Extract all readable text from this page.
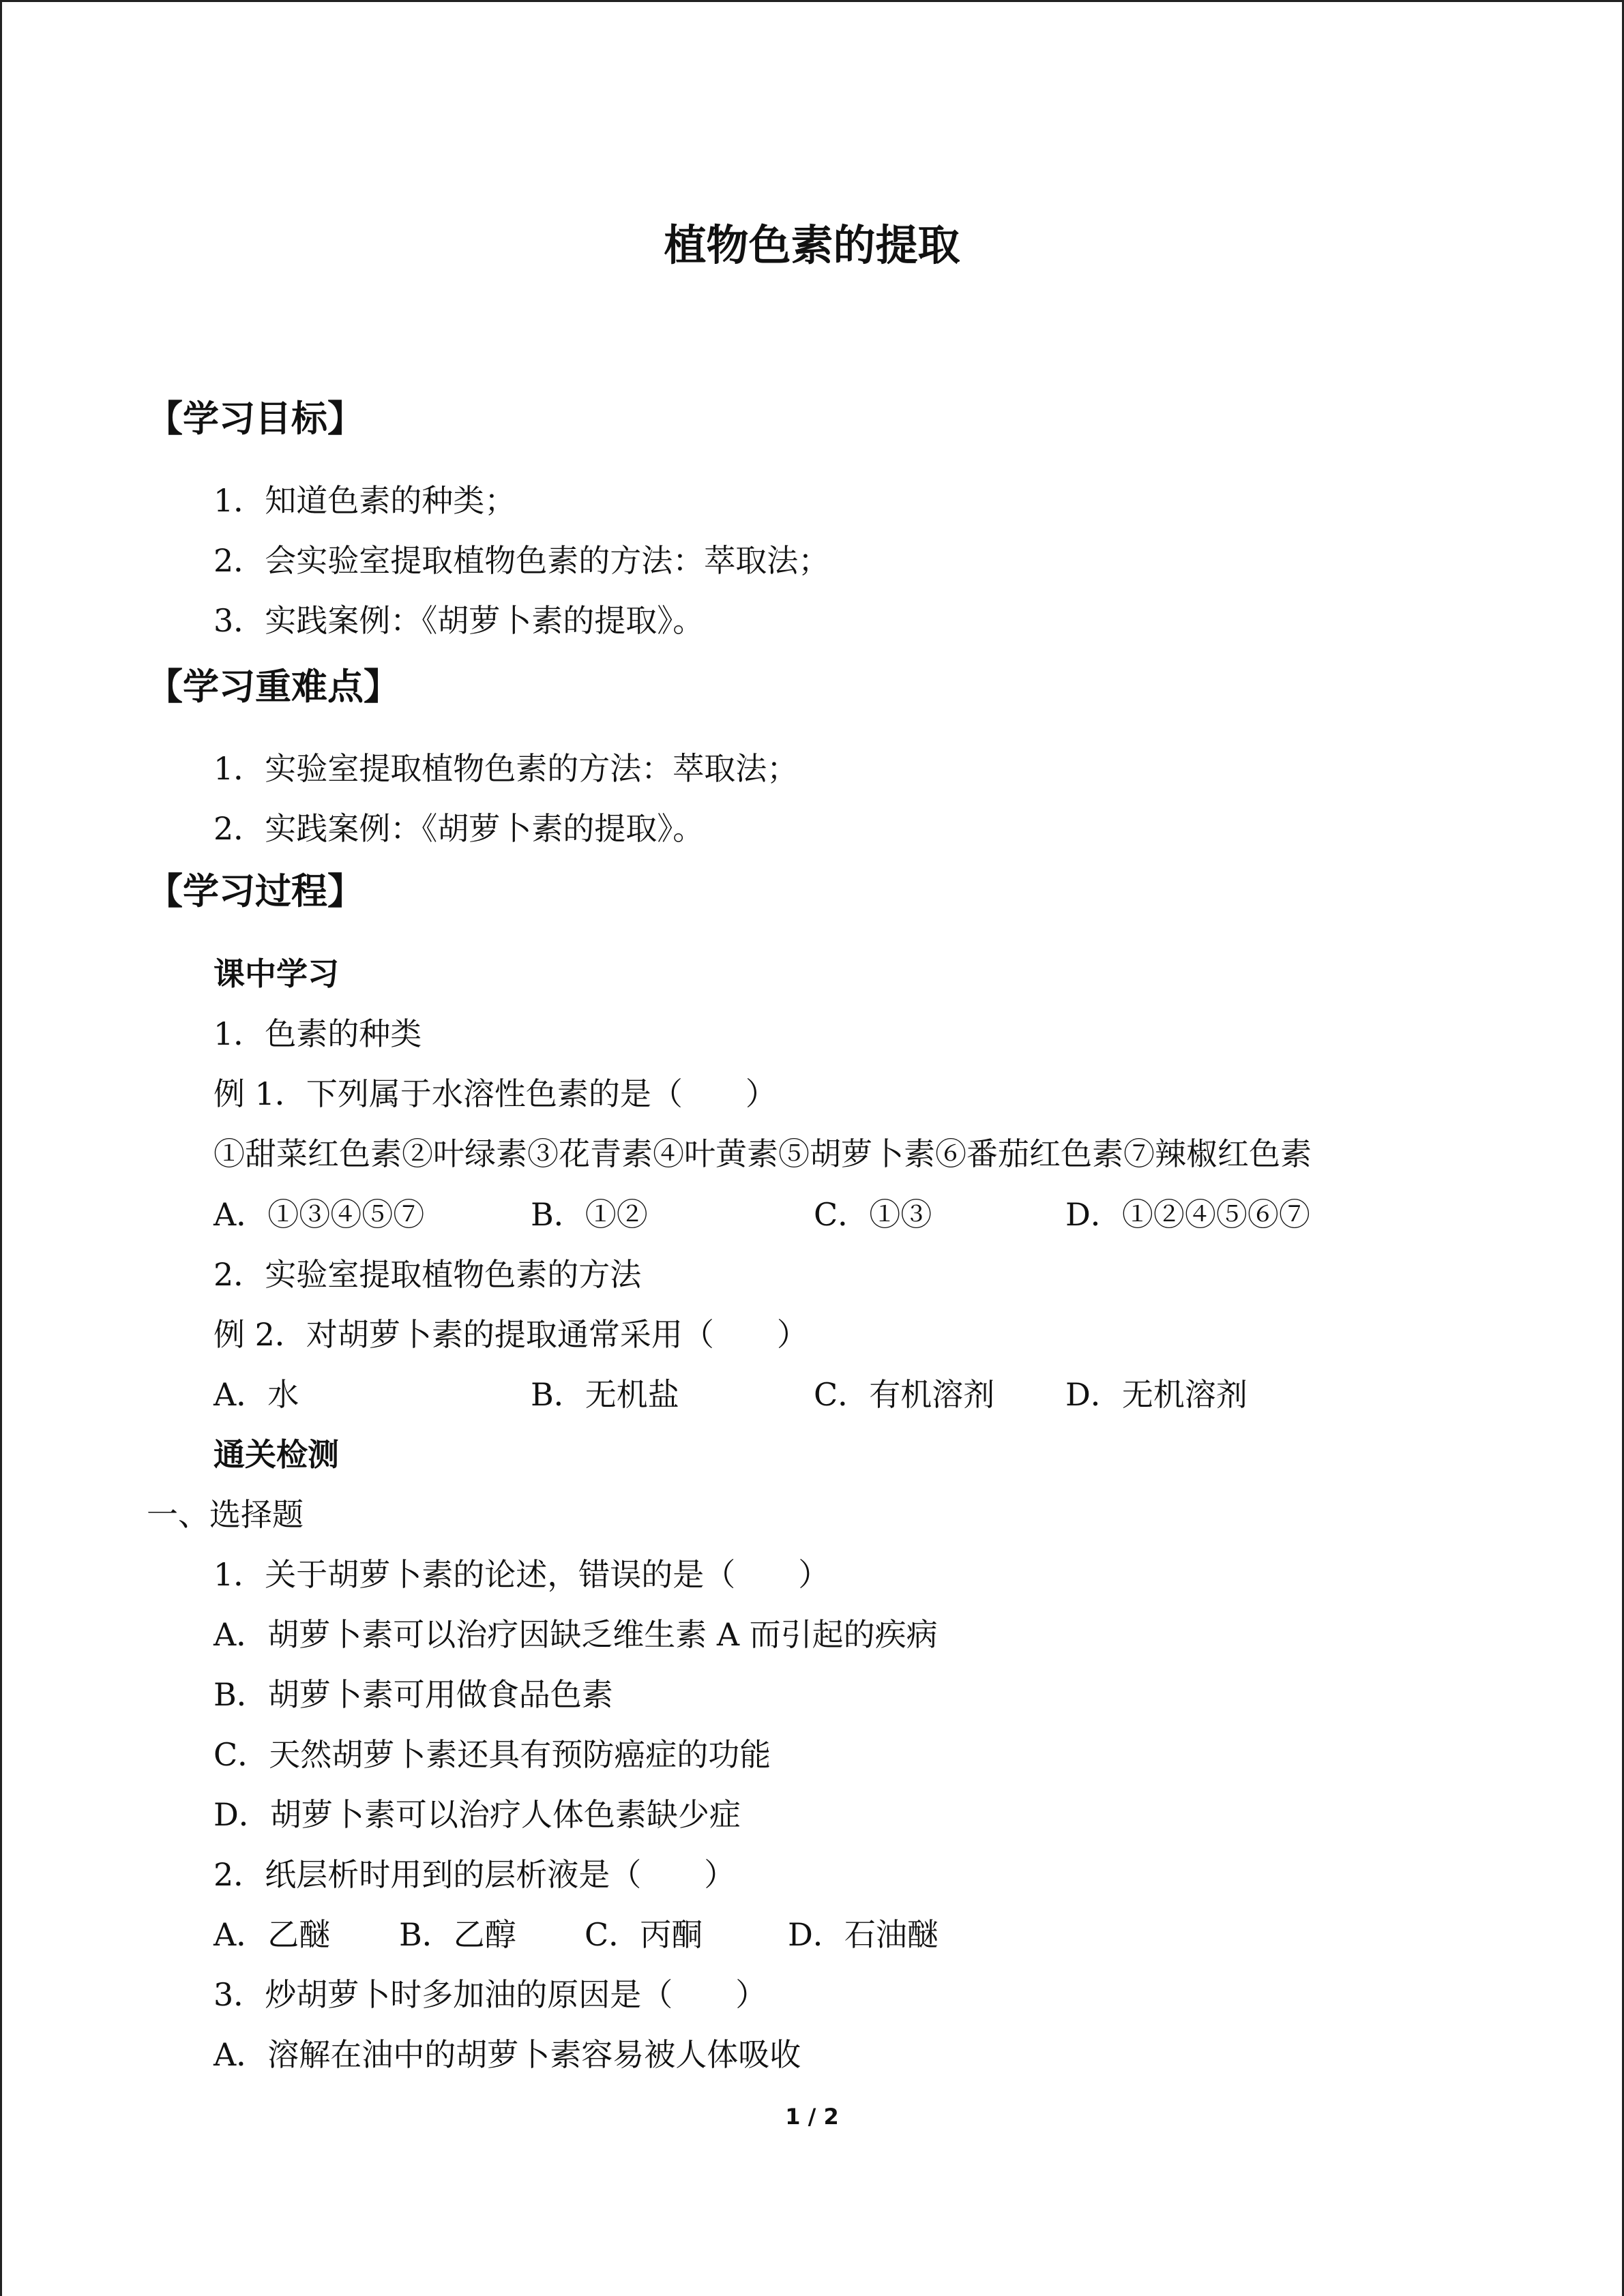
植物色素的提取
【学习目标】
1．知道色素的种类；
2．会实验室提取植物色素的方法：萃取法；
3．实践案例：《胡萝卜素的提取》。
【学习重难点】
1．实验室提取植物色素的方法：萃取法；
2．实践案例：《胡萝卜素的提取》。
【学习过程】
课中学习
1．色素的种类
例 1．下列属于水溶性色素的是（　　）
①甜菜红色素②叶绿素③花青素④叶黄素⑤胡萝卜素⑥番茄红色素⑦辣椒红色素
A．①③④⑤⑦	B．①②	C．①③	D．①②④⑤⑥⑦
2．实验室提取植物色素的方法
例 2．对胡萝卜素的提取通常采用（　　）
A．水	B．无机盐	C．有机溶剂 D．无机溶剂
通关检测
一、选择题
1．关于胡萝卜素的论述，错误的是（　　）
A．胡萝卜素可以治疗因缺乏维生素 A 而引起的疾病
B．胡萝卜素可用做食品色素
C．天然胡萝卜素还具有预防癌症的功能
D．胡萝卜素可以治疗人体色素缺少症
2．纸层析时用到的层析液是（　　）
A．乙醚 B．乙醇 C．丙酮	D．石油醚
3．炒胡萝卜时多加油的原因是（　　）
A．溶解在油中的胡萝卜素容易被人体吸收
1 / 2
